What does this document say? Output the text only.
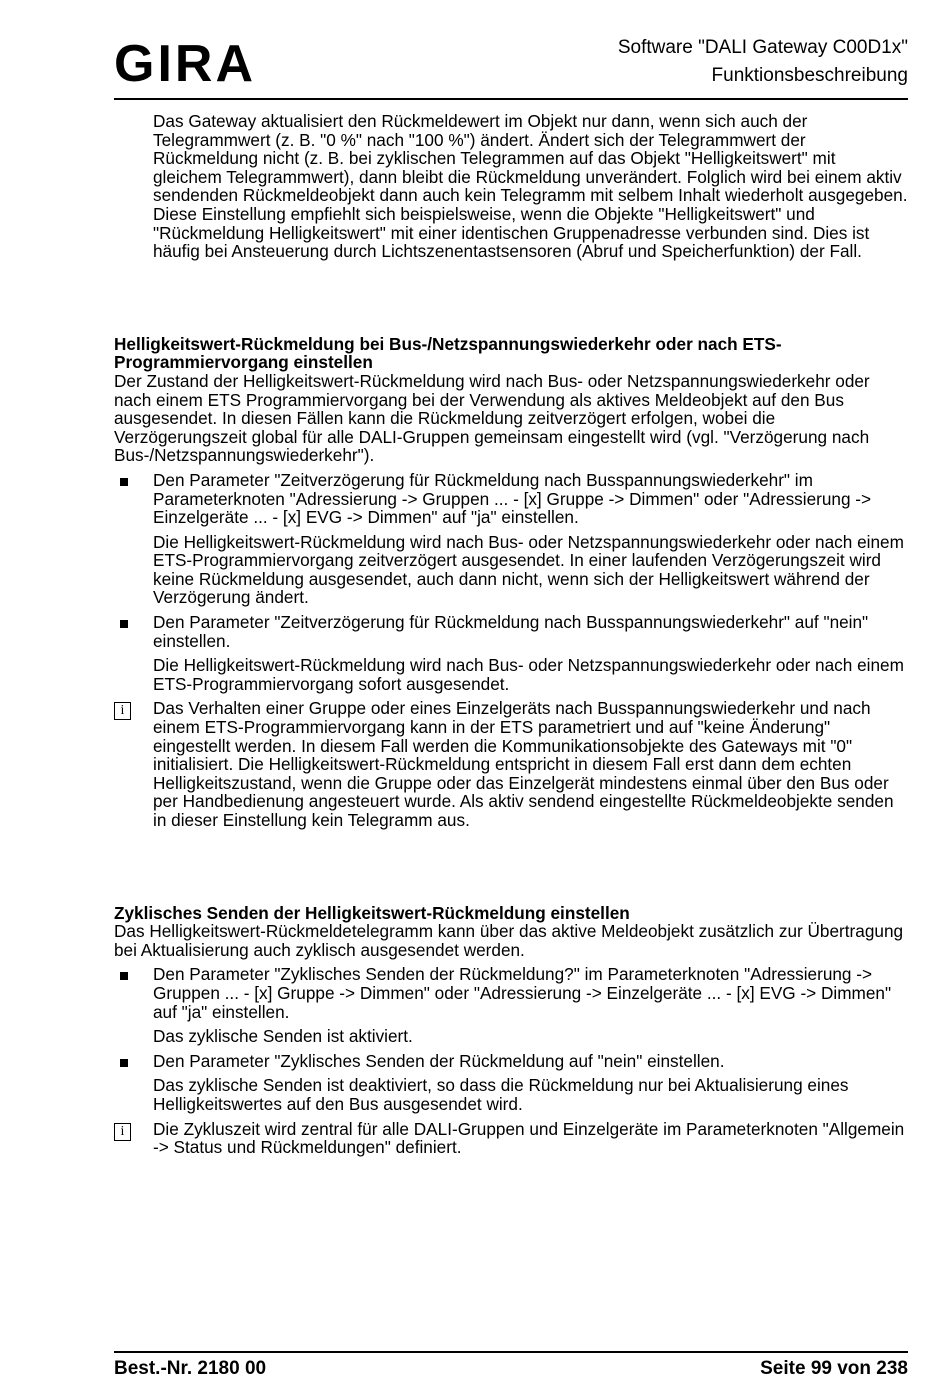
GIRA	Software "DALI Gateway C00D1x"
Funktionsbeschreibung

Das Gateway aktualisiert den Rückmeldewert im Objekt nur dann, wenn sich auch der Telegrammwert (z. B. "0 %" nach "100 %") ändert. Ändert sich der Telegrammwert der Rückmeldung nicht (z. B. bei zyklischen Telegrammen auf das Objekt "Helligkeitswert" mit gleichem Telegrammwert), dann bleibt die Rückmeldung unverändert. Folglich wird bei einem aktiv sendenden Rückmeldeobjekt dann auch kein Telegramm mit selbem Inhalt wiederholt ausgegeben.

Diese Einstellung empfiehlt sich beispielsweise, wenn die Objekte "Helligkeitswert" und "Rückmeldung Helligkeitswert" mit einer identischen Gruppenadresse verbunden sind. Dies ist häufig bei Ansteuerung durch Lichtszenentastsensoren (Abruf und Speicherfunktion) der Fall.

Helligkeitswert-Rückmeldung bei Bus-/Netzspannungswiederkehr oder nach ETS-Programmiervorgang einstellen

Der Zustand der Helligkeitswert-Rückmeldung wird nach Bus- oder Netzspannungswiederkehr oder nach einem ETS Programmiervorgang bei der Verwendung als aktives Meldeobjekt auf den Bus ausgesendet. In diesen Fällen kann die Rückmeldung zeitverzögert erfolgen, wobei die Verzögerungszeit global für alle DALI-Gruppen gemeinsam eingestellt wird (vgl. "Verzögerung nach Bus-/Netzspannungswiederkehr").

Den Parameter "Zeitverzögerung für Rückmeldung nach Busspannungswiederkehr" im Parameterknoten "Adressierung -> Gruppen ... - [x] Gruppe -> Dimmen" oder "Adressierung -> Einzelgeräte ... - [x] EVG -> Dimmen" auf "ja" einstellen.

Die Helligkeitswert-Rückmeldung wird nach Bus- oder Netzspannungswiederkehr oder nach einem ETS-Programmiervorgang zeitverzögert ausgesendet. In einer laufenden Verzögerungszeit wird keine Rückmeldung ausgesendet, auch dann nicht, wenn sich der Helligkeitswert während der Verzögerung ändert.

Den Parameter "Zeitverzögerung für Rückmeldung nach Busspannungswiederkehr" auf "nein" einstellen.

Die Helligkeitswert-Rückmeldung wird nach Bus- oder Netzspannungswiederkehr oder nach einem ETS-Programmiervorgang sofort ausgesendet.

i	Das Verhalten einer Gruppe oder eines Einzelgeräts nach Busspannungswiederkehr und nach einem ETS-Programmiervorgang kann in der ETS parametriert und auf "keine Änderung" eingestellt werden. In diesem Fall werden die Kommunikationsobjekte des Gateways mit "0" initialisiert. Die Helligkeitswert-Rückmeldung entspricht in diesem Fall erst dann dem echten Helligkeitszustand, wenn die Gruppe oder das Einzelgerät mindestens einmal über den Bus oder per Handbedienung angesteuert wurde. Als aktiv sendend eingestellte Rückmeldeobjekte senden in dieser Einstellung kein Telegramm aus.

Zyklisches Senden der Helligkeitswert-Rückmeldung einstellen

Das Helligkeitswert-Rückmeldetelegramm kann über das aktive Meldeobjekt zusätzlich zur Übertragung bei Aktualisierung auch zyklisch ausgesendet werden.

Den Parameter "Zyklisches Senden der Rückmeldung?" im Parameterknoten "Adressierung -> Gruppen ... - [x] Gruppe -> Dimmen" oder "Adressierung -> Einzelgeräte ... - [x] EVG -> Dimmen" auf "ja" einstellen.

Das zyklische Senden ist aktiviert.

Den Parameter "Zyklisches Senden der Rückmeldung auf "nein" einstellen.

Das zyklische Senden ist deaktiviert, so dass die Rückmeldung nur bei Aktualisierung eines Helligkeitswertes auf den Bus ausgesendet wird.

i	Die Zykluszeit wird zentral für alle DALI-Gruppen und Einzelgeräte im Parameterknoten "Allgemein -> Status und Rückmeldungen" definiert.

Best.-Nr. 2180 00	Seite 99 von 238
